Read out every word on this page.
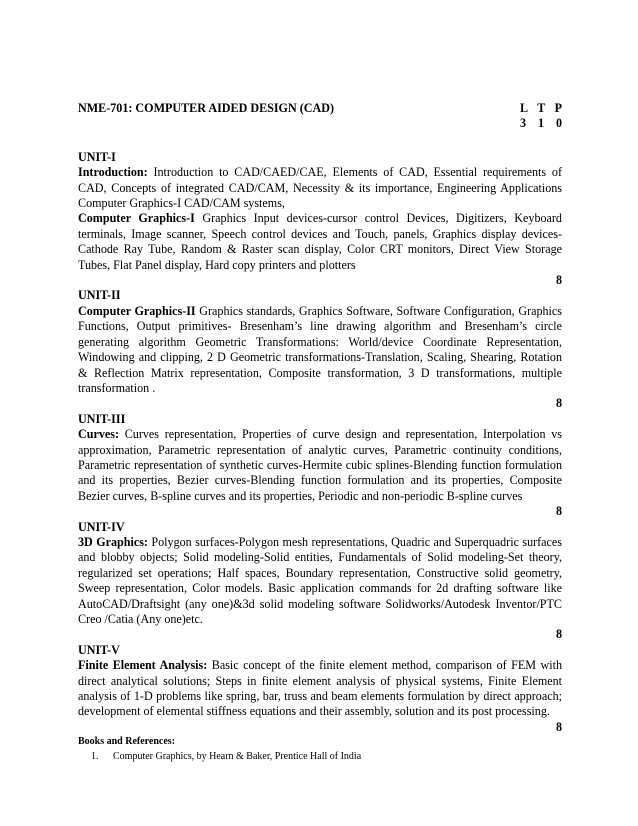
NME-701: COMPUTER AIDED DESIGN (CAD)	L T P
3 1 0
UNIT-I
Introduction: Introduction to CAD/CAED/CAE, Elements of CAD, Essential requirements of CAD, Concepts of integrated CAD/CAM, Necessity & its importance, Engineering Applications Computer Graphics-I CAD/CAM systems,
Computer Graphics-I Graphics Input devices-cursor control Devices, Digitizers, Keyboard terminals, Image scanner, Speech control devices and Touch, panels, Graphics display devices-Cathode Ray Tube, Random & Raster scan display, Color CRT monitors, Direct View Storage Tubes, Flat Panel display, Hard copy printers and plotters
8
UNIT-II
Computer Graphics-II Graphics standards, Graphics Software, Software Configuration, Graphics Functions, Output primitives- Bresenham’s line drawing algorithm and Bresenham’s circle generating algorithm Geometric Transformations: World/device Coordinate Representation, Windowing and clipping, 2 D Geometric transformations-Translation, Scaling, Shearing, Rotation & Reflection Matrix representation, Composite transformation, 3 D transformations, multiple transformation .
8
UNIT-III
Curves: Curves representation, Properties of curve design and representation, Interpolation vs approximation, Parametric representation of analytic curves, Parametric continuity conditions, Parametric representation of synthetic curves-Hermite cubic splines-Blending function formulation and its properties, Bezier curves-Blending function formulation and its properties, Composite Bezier curves, B-spline curves and its properties, Periodic and non-periodic B-spline curves
8
UNIT-IV
3D Graphics: Polygon surfaces-Polygon mesh representations, Quadric and Superquadric surfaces and blobby objects; Solid modeling-Solid entities, Fundamentals of Solid modeling-Set theory, regularized set operations; Half spaces, Boundary representation, Constructive solid geometry, Sweep representation, Color models. Basic application commands for 2d drafting software like AutoCAD/Draftsight (any one)&3d solid modeling software Solidworks/Autodesk Inventor/PTC Creo /Catia (Any one)etc.
8
UNIT-V
Finite Element Analysis: Basic concept of the finite element method, comparison of FEM with direct analytical solutions; Steps in finite element analysis of physical systems, Finite Element analysis of 1-D problems like spring, bar, truss and beam elements formulation by direct approach; development of elemental stiffness equations and their assembly, solution and its post processing.
8
Books and References:
1.	Computer Graphics, by Hearn & Baker, Prentice Hall of India
